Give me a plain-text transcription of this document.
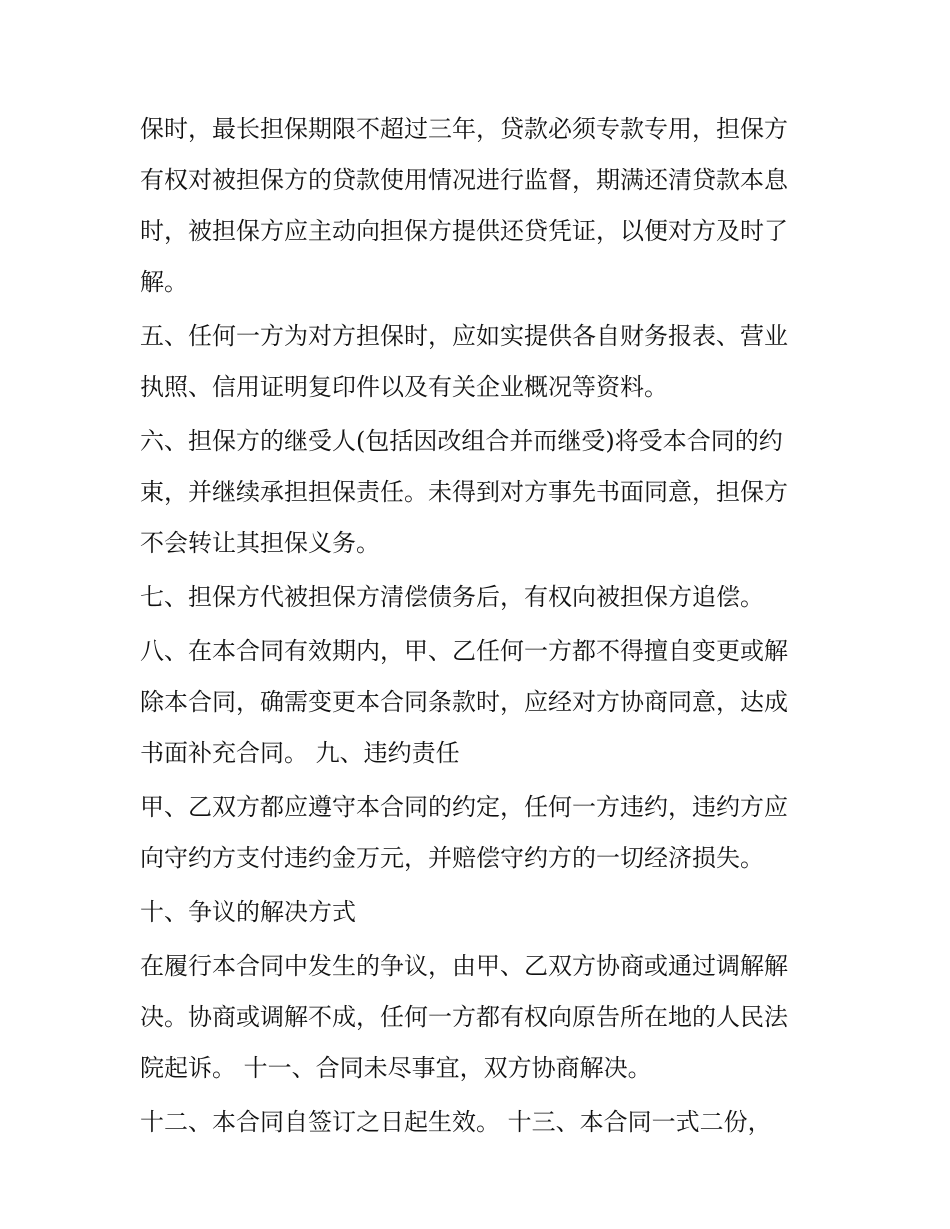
保时，最长担保期限不超过三年，贷款必须专款专用，担保方
有权对被担保方的贷款使用情况进行监督，期满还清贷款本息
时，被担保方应主动向担保方提供还贷凭证，以便对方及时了
解。
五、任何一方为对方担保时，应如实提供各自财务报表、营业
执照、信用证明复印件以及有关企业概况等资料。
六、担保方的继受人(包括因改组合并而继受)将受本合同的约
束，并继续承担担保责任。未得到对方事先书面同意，担保方
不会转让其担保义务。
七、担保方代被担保方清偿债务后，有权向被担保方追偿。
八、在本合同有效期内，甲、乙任何一方都不得擅自变更或解
除本合同，确需变更本合同条款时，应经对方协商同意，达成
书面补充合同。 九、违约责任
甲、乙双方都应遵守本合同的约定，任何一方违约，违约方应
向守约方支付违约金万元，并赔偿守约方的一切经济损失。
十、争议的解决方式
在履行本合同中发生的争议，由甲、乙双方协商或通过调解解
决。协商或调解不成，任何一方都有权向原告所在地的人民法
院起诉。 十一、合同未尽事宜，双方协商解决。
十二、本合同自签订之日起生效。 十三、本合同一式二份，
